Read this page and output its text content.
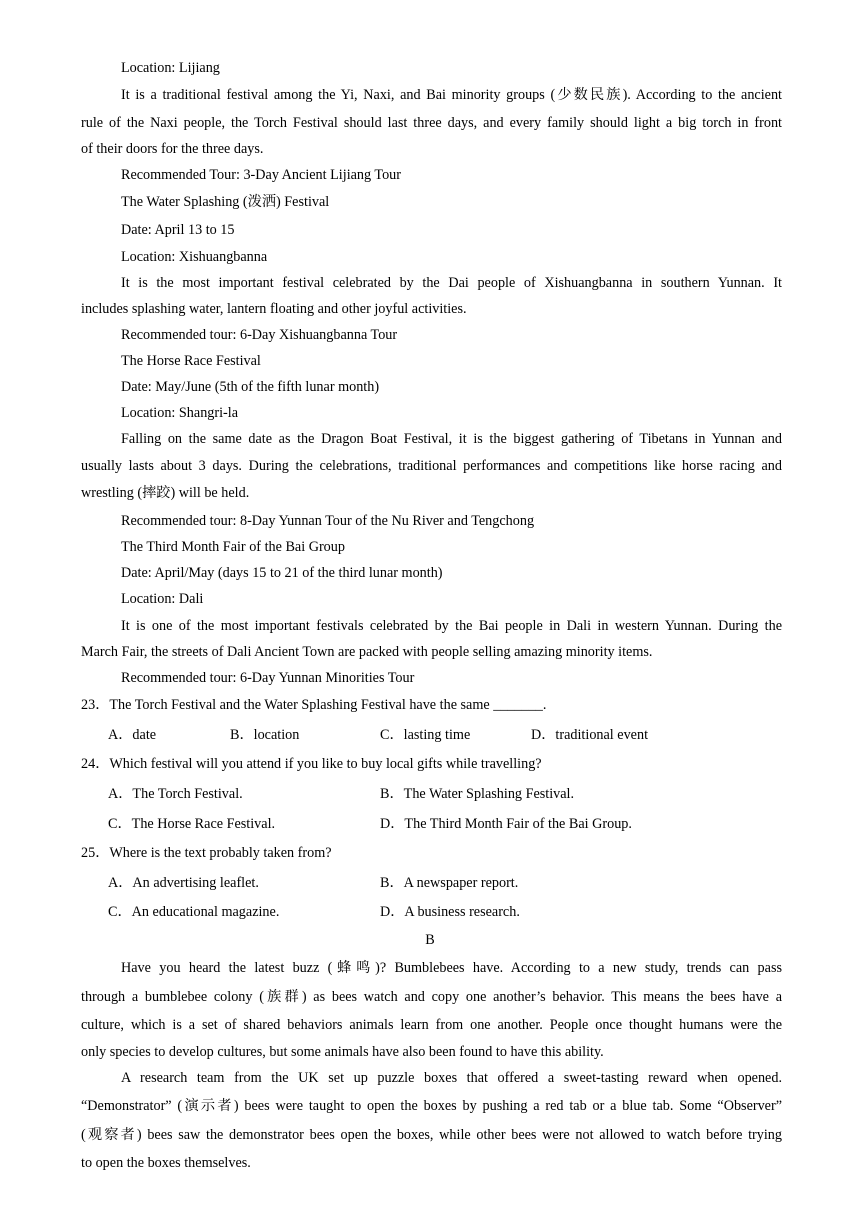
Location: Lijiang
It is a traditional festival among the Yi, Naxi, and Bai minority groups (少数民族). According to the ancient
rule of the Naxi people, the Torch Festival should last three days, and every family should light a big torch in front
of their doors for the three days.
Recommended Tour: 3-Day Ancient Lijiang Tour
The Water Splashing (泼洒) Festival
Date: April 13 to 15
Location: Xishuangbanna
It is the most important festival celebrated by the Dai people of Xishuangbanna in southern Yunnan. It
includes splashing water, lantern floating and other joyful activities.
Recommended tour: 6-Day Xishuangbanna Tour
The Horse Race Festival
Date: May/June (5th of the fifth lunar month)
Location: Shangri-la
Falling on the same date as the Dragon Boat Festival, it is the biggest gathering of Tibetans in Yunnan and
usually lasts about 3 days. During the celebrations, traditional performances and competitions like horse racing and
wrestling (摔跤) will be held.
Recommended tour: 8-Day Yunnan Tour of the Nu River and Tengchong
The Third Month Fair of the Bai Group
Date: April/May (days 15 to 21 of the third lunar month)
Location: Dali
It is one of the most important festivals celebrated by the Bai people in Dali in western Yunnan. During the
March Fair, the streets of Dali Ancient Town are packed with people selling amazing minority items.
Recommended tour: 6-Day Yunnan Minorities Tour
23．The Torch Festival and the Water Splashing Festival have the same _______.
A．date	B．location	C．lasting time	D．traditional event
24．Which festival will you attend if you like to buy local gifts while travelling?
A．The Torch Festival.	B．The Water Splashing Festival.
C．The Horse Race Festival.	D．The Third Month Fair of the Bai Group.
25．Where is the text probably taken from?
A．An advertising leaflet.	B．A newspaper report.
C．An educational magazine.	D．A business research.
B
Have you heard the latest buzz (蜂鸣)? Bumblebees have. According to a new study, trends can pass
through a bumblebee colony (族群) as bees watch and copy one another’s behavior. This means the bees have a
culture, which is a set of shared behaviors animals learn from one another. People once thought humans were the
only species to develop cultures, but some animals have also been found to have this ability.
A research team from the UK set up puzzle boxes that offered a sweet-tasting reward when opened.
“Demonstrator” (演示者) bees were taught to open the boxes by pushing a red tab or a blue tab. Some “Observer”
(观察者) bees saw the demonstrator bees open the boxes, while other bees were not allowed to watch before trying
to open the boxes themselves.
